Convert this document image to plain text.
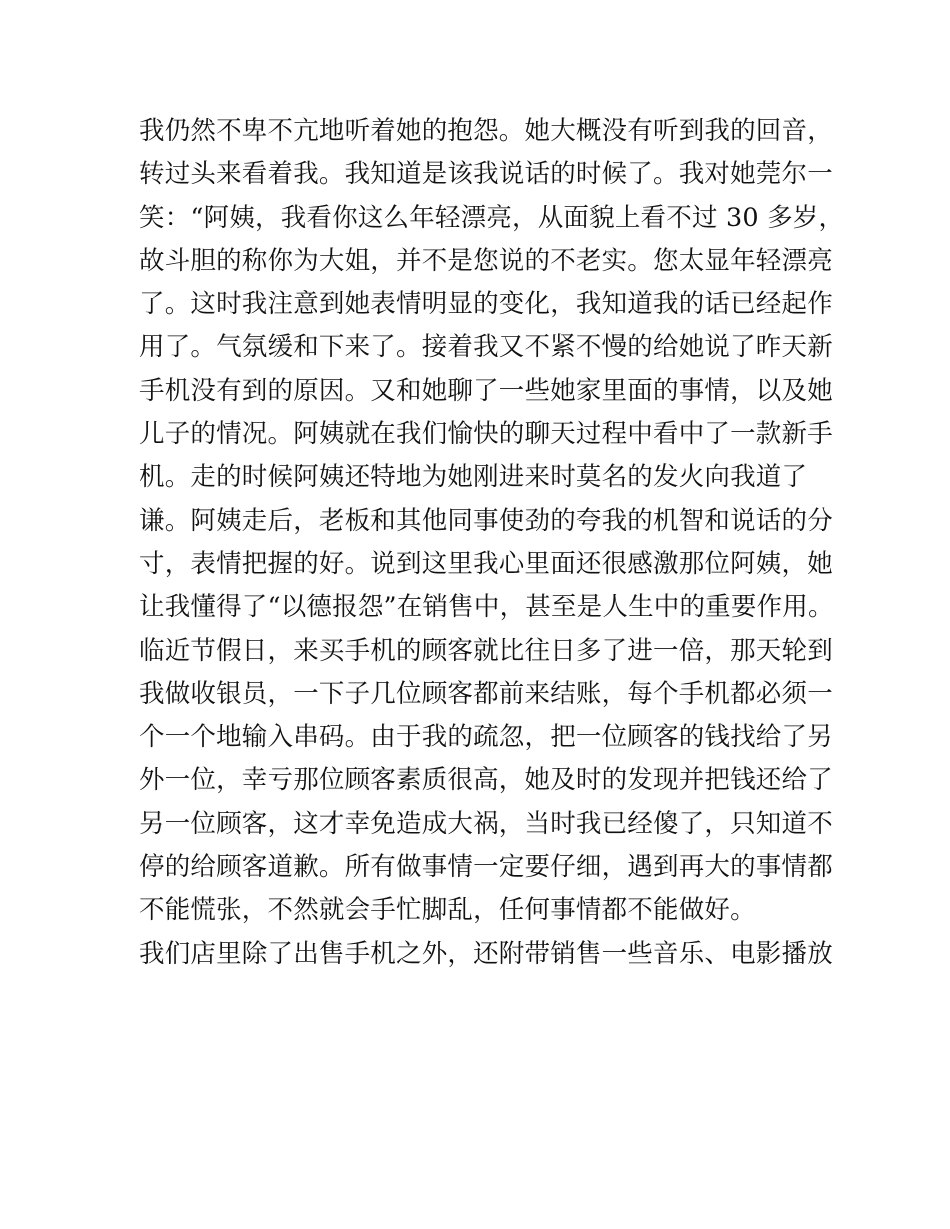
我仍然不卑不亢地听着她的抱怨。她大概没有听到我的回音，
转过头来看着我。我知道是该我说话的时候了。我对她莞尔一
笑：“阿姨，我看你这么年轻漂亮，从面貌上看不过 30 多岁，
故斗胆的称你为大姐，并不是您说的不老实。您太显年轻漂亮
了。这时我注意到她表情明显的变化，我知道我的话已经起作
用了。气氛缓和下来了。接着我又不紧不慢的给她说了昨天新
手机没有到的原因。又和她聊了一些她家里面的事情，以及她
儿子的情况。阿姨就在我们愉快的聊天过程中看中了一款新手
机。走的时候阿姨还特地为她刚进来时莫名的发火向我道了
谦。阿姨走后，老板和其他同事使劲的夸我的机智和说话的分
寸，表情把握的好。说到这里我心里面还很感激那位阿姨，她
让我懂得了“以德报怨”在销售中，甚至是人生中的重要作用。
临近节假日，来买手机的顾客就比往日多了进一倍，那天轮到
我做收银员，一下子几位顾客都前来结账，每个手机都必须一
个一个地输入串码。由于我的疏忽，把一位顾客的钱找给了另
外一位，幸亏那位顾客素质很高，她及时的发现并把钱还给了
另一位顾客，这才幸免造成大祸，当时我已经傻了，只知道不
停的给顾客道歉。所有做事情一定要仔细，遇到再大的事情都
不能慌张，不然就会手忙脚乱，任何事情都不能做好。
我们店里除了出售手机之外，还附带销售一些音乐、电影播放
